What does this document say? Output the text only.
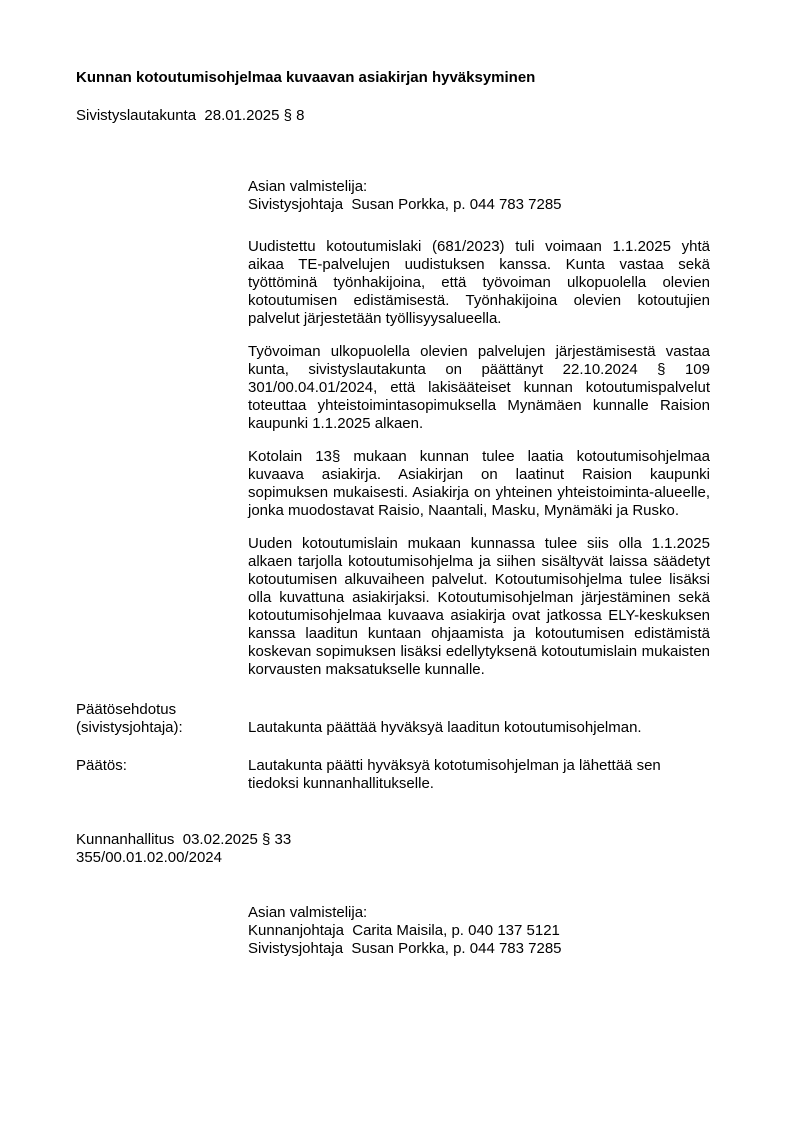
Kunnan kotoutumisohjelmaa kuvaavan asiakirjan hyväksyminen
Sivistyslautakunta  28.01.2025 § 8
Asian valmistelija:
Sivistysjohtaja  Susan Porkka, p. 044 783 7285

Uudistettu kotoutumislaki (681/2023) tuli voimaan 1.1.2025 yhtä aikaa TE-palvelujen uudistuksen kanssa. Kunta vastaa sekä työttöminä työnhakijoina, että työvoiman ulkopuolella olevien kotoutumisen edistämisestä. Työnhakijoina olevien kotoutujien palvelut järjestetään työllisyysalueella.

Työvoiman ulkopuolella olevien palvelujen järjestämisestä vastaa kunta, sivistyslautakunta on päättänyt 22.10.2024 § 109 301/00.04.01/2024, että lakisääteiset kunnan kotoutumispalvelut toteuttaa yhteistoimintasopimuksella Mynämäen kunnalle Raision kaupunki 1.1.2025 alkaen.

Kotolain 13§ mukaan kunnan tulee laatia kotoutumisohjelmaa kuvaava asiakirja. Asiakirjan on laatinut Raision kaupunki sopimuksen mukaisesti. Asiakirja on yhteinen yhteistoiminta-alueelle, jonka muodostavat Raisio, Naantali, Masku, Mynämäki ja Rusko.

Uuden kotoutumislain mukaan kunnassa tulee siis olla 1.1.2025 alkaen tarjolla kotoutumisohjelma ja siihen sisältyvät laissa säädetyt kotoutumisen alkuvaiheen palvelut. Kotoutumisohjelma tulee lisäksi olla kuvattuna asiakirjaksi. Kotoutumisohjelman järjestäminen sekä kotoutumisohjelmaa kuvaava asiakirja ovat jatkossa ELY-keskuksen kanssa laaditun kuntaan ohjaamista ja kotoutumisen edistämistä koskevan sopimuksen lisäksi edellytyksenä kotoutumislain mukaisten korvausten maksatukselle kunnalle.

Päätösehdotus
(sivistysjohtaja):	Lautakunta päättää hyväksyä laaditun kotoutumisohjelman.
Päätös:	Lautakunta päätti hyväksyä kototumisohjelman ja lähettää sen tiedoksi kunnanhallitukselle.
Kunnanhallitus  03.02.2025 § 33
355/00.01.02.00/2024
Asian valmistelija:
Kunnanjohtaja  Carita Maisila, p. 040 137 5121
Sivistysjohtaja  Susan Porkka, p. 044 783 7285
